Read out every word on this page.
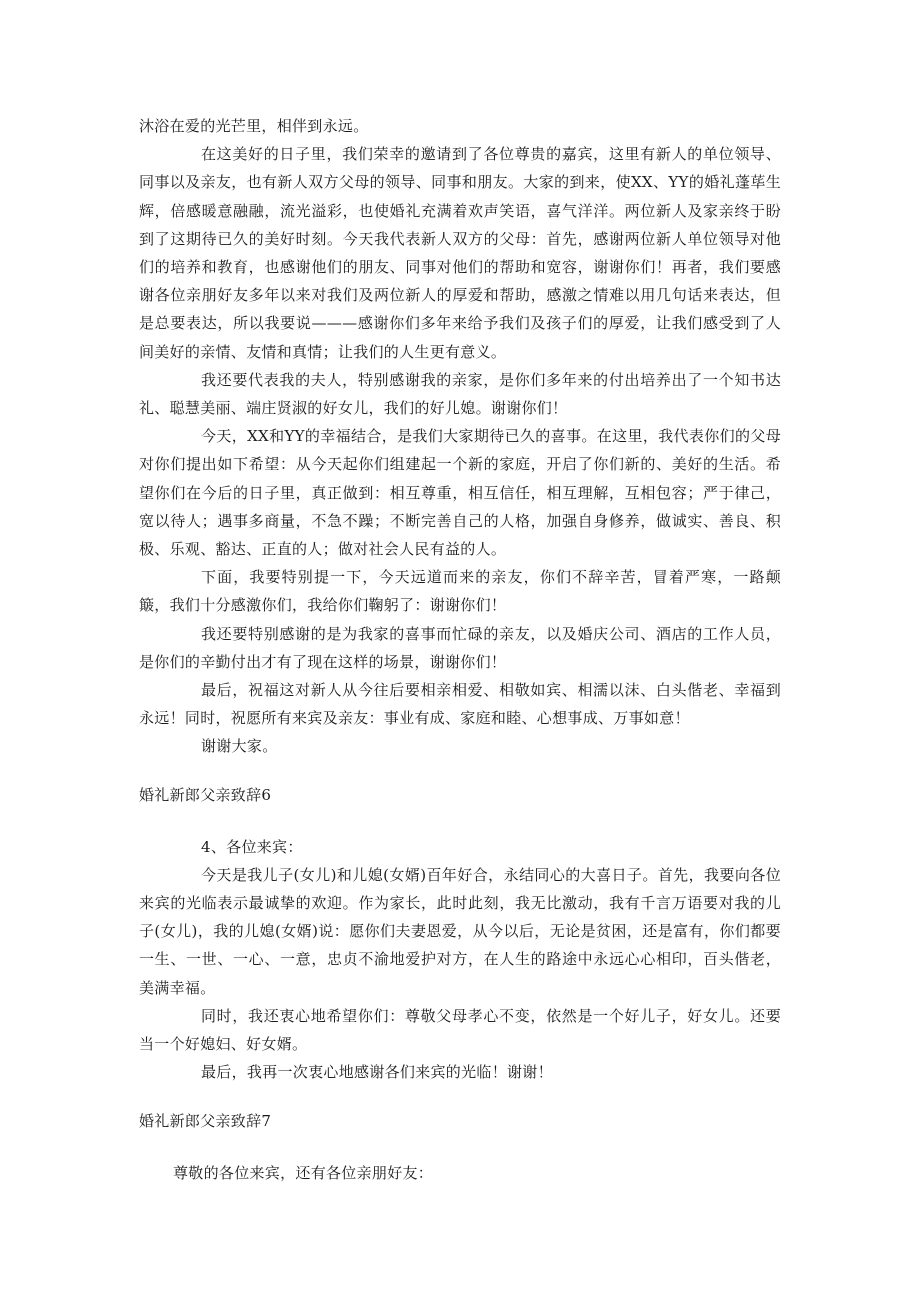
沐浴在爱的光芒里，相伴到永远。

在这美好的日子里，我们荣幸的邀请到了各位尊贵的嘉宾，这里有新人的单位领导、同事以及亲友，也有新人双方父母的领导、同事和朋友。大家的到来，使XX、YY的婚礼蓬荜生辉，倍感暖意融融，流光溢彩，也使婚礼充满着欢声笑语，喜气洋洋。两位新人及家亲终于盼到了这期待已久的美好时刻。今天我代表新人双方的父母：首先，感谢两位新人单位领导对他们的培养和教育，也感谢他们的朋友、同事对他们的帮助和宽容，谢谢你们！再者，我们要感谢各位亲朋好友多年以来对我们及两位新人的厚爱和帮助，感激之情难以用几句话来表达，但是总要表达，所以我要说———感谢你们多年来给予我们及孩子们的厚爱，让我们感受到了人间美好的亲情、友情和真情；让我们的人生更有意义。

我还要代表我的夫人，特别感谢我的亲家，是你们多年来的付出培养出了一个知书达礼、聪慧美丽、端庄贤淑的好女儿，我们的好儿媳。谢谢你们！

今天，XX和YY的幸福结合，是我们大家期待已久的喜事。在这里，我代表你们的父母对你们提出如下希望：从今天起你们组建起一个新的家庭，开启了你们新的、美好的生活。希望你们在今后的日子里，真正做到：相互尊重，相互信任，相互理解，互相包容；严于律己，宽以待人；遇事多商量，不急不躁；不断完善自己的人格，加强自身修养，做诚实、善良、积极、乐观、豁达、正直的人；做对社会人民有益的人。

下面，我要特别提一下，今天远道而来的亲友，你们不辞辛苦，冒着严寒，一路颠簸，我们十分感激你们，我给你们鞠躬了：谢谢你们！

我还要特别感谢的是为我家的喜事而忙碌的亲友，以及婚庆公司、酒店的工作人员，是你们的辛勤付出才有了现在这样的场景，谢谢你们！

最后，祝福这对新人从今往后要相亲相爱、相敬如宾、相濡以沫、白头偕老、幸福到永远！同时，祝愿所有来宾及亲友：事业有成、家庭和睦、心想事成、万事如意！

谢谢大家。

婚礼新郎父亲致辞6

4、各位来宾：

今天是我儿子(女儿)和儿媳(女婿)百年好合，永结同心的大喜日子。首先，我要向各位来宾的光临表示最诚挚的欢迎。作为家长，此时此刻，我无比激动，我有千言万语要对我的儿子(女儿)，我的儿媳(女婿)说：愿你们夫妻恩爱，从今以后，无论是贫困，还是富有，你们都要一生、一世、一心、一意，忠贞不渝地爱护对方，在人生的路途中永远心心相印，百头偕老，美满幸福。

同时，我还衷心地希望你们：尊敬父母孝心不变，依然是一个好儿子，好女儿。还要当一个好媳妇、好女婿。

最后，我再一次衷心地感谢各们来宾的光临！谢谢！

婚礼新郎父亲致辞7

尊敬的各位来宾，还有各位亲朋好友：
